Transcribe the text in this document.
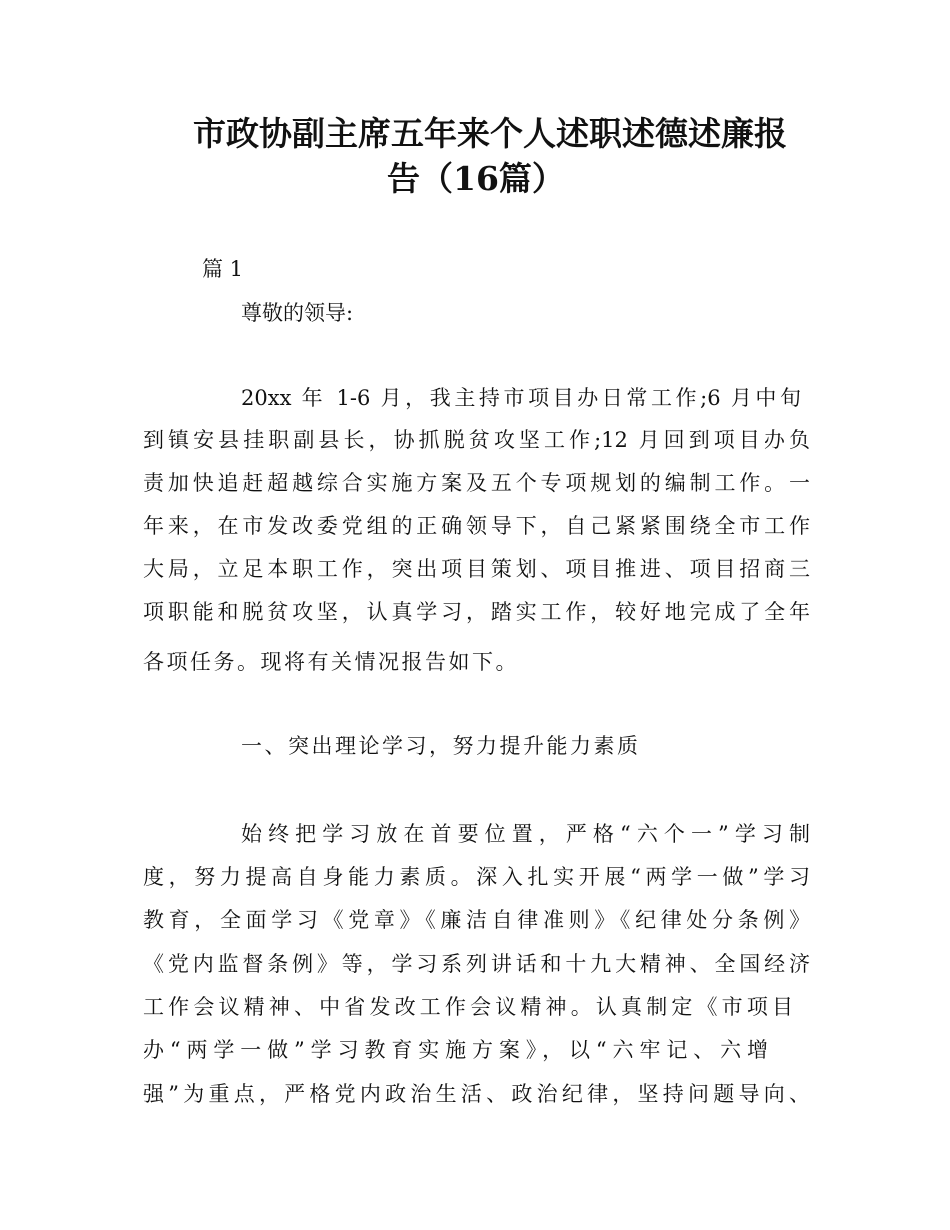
市政协副主席五年来个人述职述德述廉报
告（16篇）
篇 1
尊敬的领导:
20xx 年 1-6 月，我主持市项目办日常工作;6 月中旬
到镇安县挂职副县长，协抓脱贫攻坚工作;12 月回到项目办负
责加快追赶超越综合实施方案及五个专项规划的编制工作。一
年来，在市发改委党组的正确领导下，自己紧紧围绕全市工作
大局，立足本职工作，突出项目策划、项目推进、项目招商三
项职能和脱贫攻坚，认真学习，踏实工作，较好地完成了全年
各项任务。现将有关情况报告如下。
一、突出理论学习，努力提升能力素质
始终把学习放在首要位置，严格“六个一”学习制
度，努力提高自身能力素质。深入扎实开展“两学一做”学习
教育，全面学习《党章》《廉洁自律准则》《纪律处分条例》
《党内监督条例》等，学习系列讲话和十九大精神、全国经济
工作会议精神、中省发改工作会议精神。认真制定《市项目
办“两学一做”学习教育实施方案》，以“六牢记、六增
强”为重点，严格党内政治生活、政治纪律，坚持问题导向、
